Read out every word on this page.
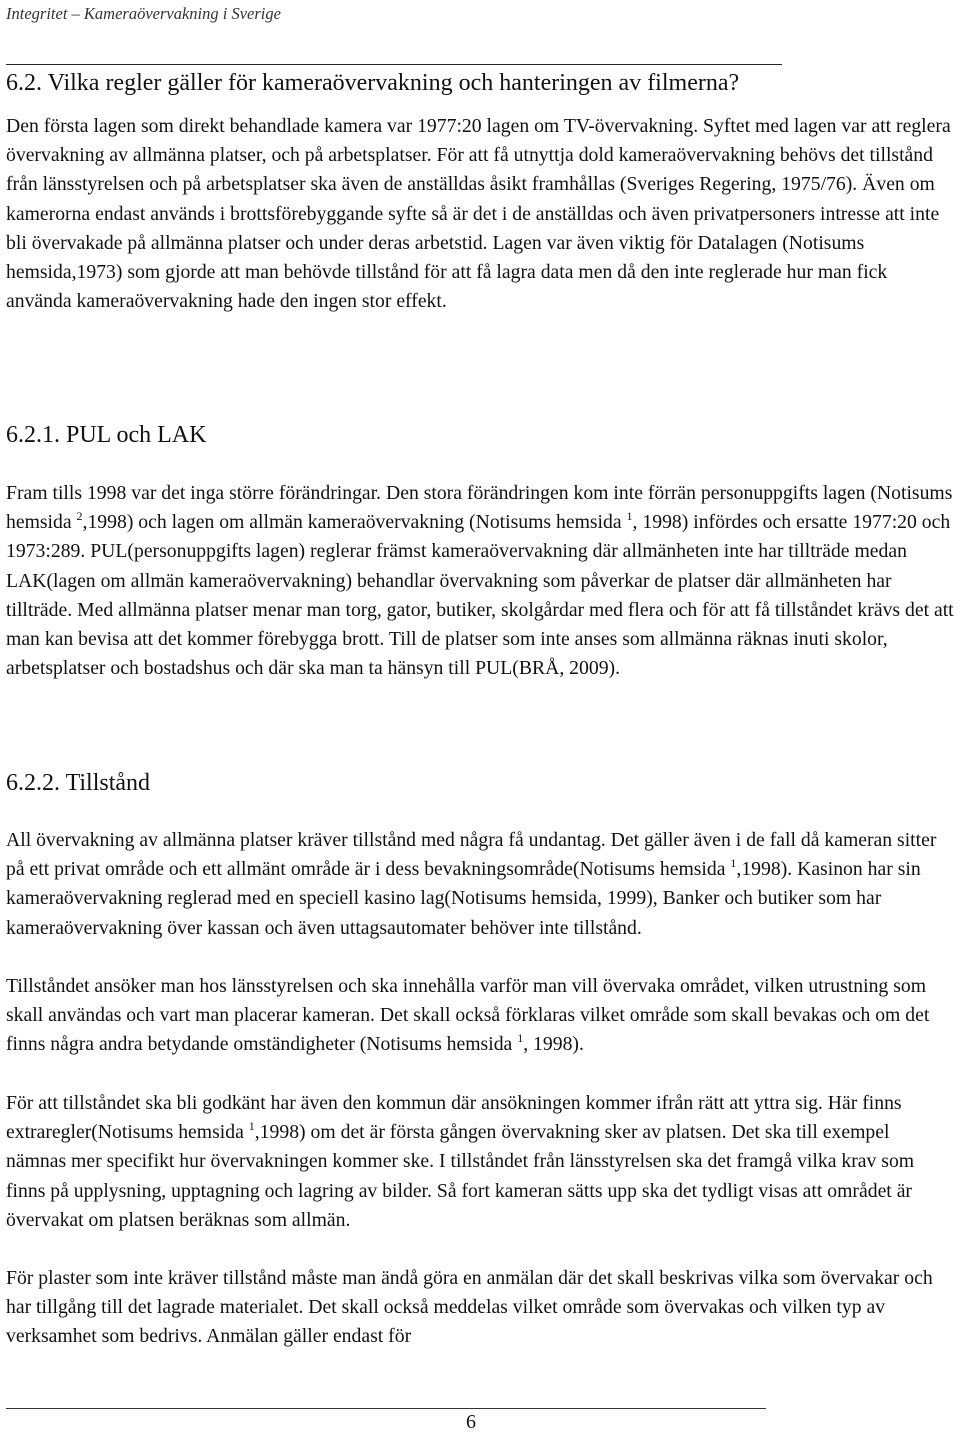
Integritet – Kameraövervakning i Sverige
6.2. Vilka regler gäller för kameraövervakning och hanteringen av filmerna?

Den första lagen som direkt behandlade kamera var 1977:20 lagen om TV-övervakning. Syftet med lagen var att reglera övervakning av allmänna platser, och på arbetsplatser. För att få utnyttja dold kameraövervakning behövs det tillstånd från länsstyrelsen och på arbetsplatser ska även de anställdas åsikt framhållas (Sveriges Regering, 1975/76). Även om kamerorna endast används i brottsförebyggande syfte så är det i de anställdas och även privatpersoners intresse att inte bli övervakade på allmänna platser och under deras arbetstid. Lagen var även viktig för Datalagen (Notisums hemsida,1973) som gjorde att man behövde tillstånd för att få lagra data men då den inte reglerade hur man fick använda kameraövervakning hade den ingen stor effekt.

6.2.1. PUL och LAK

Fram tills 1998 var det inga större förändringar. Den stora förändringen kom inte förrän personuppgifts lagen (Notisums hemsida $^2$,1998) och lagen om allmän kameraövervakning (Notisums hemsida $^1$, 1998) infördes och ersatte 1977:20 och 1973:289. PUL(personuppgifts lagen) reglerar främst kameraövervakning där allmänheten inte har tillträde medan LAK(lagen om allmän kameraövervakning) behandlar övervakning som påverkar de platser där allmänheten har tillträde. Med allmänna platser menar man torg, gator, butiker, skolgårdar med flera och för att få tillståndet krävs det att man kan bevisa att det kommer förebygga brott. Till de platser som inte anses som allmänna räknas inuti skolor, arbetsplatser och bostadshus och där ska man ta hänsyn till PUL(BRÅ, 2009).

6.2.2. Tillstånd

All övervakning av allmänna platser kräver tillstånd med några få undantag. Det gäller även i de fall då kameran sitter på ett privat område och ett allmänt område är i dess bevakningsområde(Notisums hemsida $^1$,1998). Kasinon har sin kameraövervakning reglerad med en speciell kasino lag(Notisums hemsida, 1999), Banker och butiker som har kameraövervakning över kassan och även uttagsautomater behöver inte tillstånd.

Tillståndet ansöker man hos länsstyrelsen och ska innehålla varför man vill övervaka området, vilken utrustning som skall användas och vart man placerar kameran. Det skall också förklaras vilket område som skall bevakas och om det finns några andra betydande omständigheter (Notisums hemsida $^1$, 1998).

För att tillståndet ska bli godkänt har även den kommun där ansökningen kommer ifrån rätt att yttra sig. Här finns extraregler(Notisums hemsida $^1$,1998) om det är första gången övervakning sker av platsen. Det ska till exempel nämnas mer specifikt hur övervakningen kommer ske. I tillståndet från länsstyrelsen ska det framgå vilka krav som finns på upplysning, upptagning och lagring av bilder. Så fort kameran sätts upp ska det tydligt visas att området är övervakat om platsen beräknas som allmän.

För plaster som inte kräver tillstånd måste man ändå göra en anmälan där det skall beskrivas vilka som övervakar och har tillgång till det lagrade materialet. Det skall också meddelas vilket område som övervakas och vilken typ av verksamhet som bedrivs. Anmälan gäller endast för

6
